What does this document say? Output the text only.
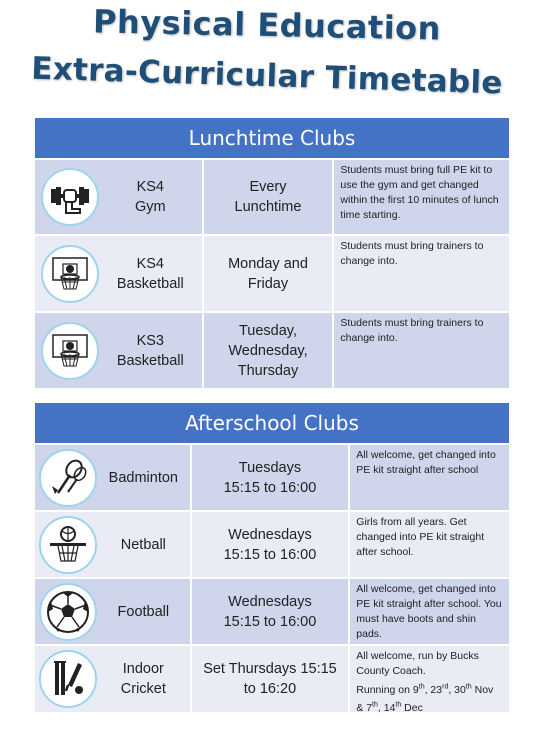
Physical Education
Extra-Curricular Timetable
Lunchtime Clubs
KS4
Gym
Every
Lunchtime
Students must bring full PE kit to use the gym and get changed within the first 10 minutes of lunch time starting.
KS4
Basketball
Monday and
Friday
Students must bring trainers to change into.
KS3
Basketball
Tuesday,
Wednesday,
Thursday
Students must bring trainers to change into.
Afterschool Clubs
Badminton
Tuesdays
15:15 to 16:00
All welcome, get changed into PE kit straight after school
Netball
Wednesdays
15:15 to 16:00
Girls from all years. Get changed into PE kit straight after school.
Football
Wednesdays
15:15 to 16:00
All welcome, get changed into PE kit straight after school. You must have boots and shin pads.
Indoor
Cricket
Set Thursdays 15:15
to 16:20
All welcome, run by Bucks County Coach.
Running on 9th, 23rd, 30th Nov & 7th, 14th Dec
